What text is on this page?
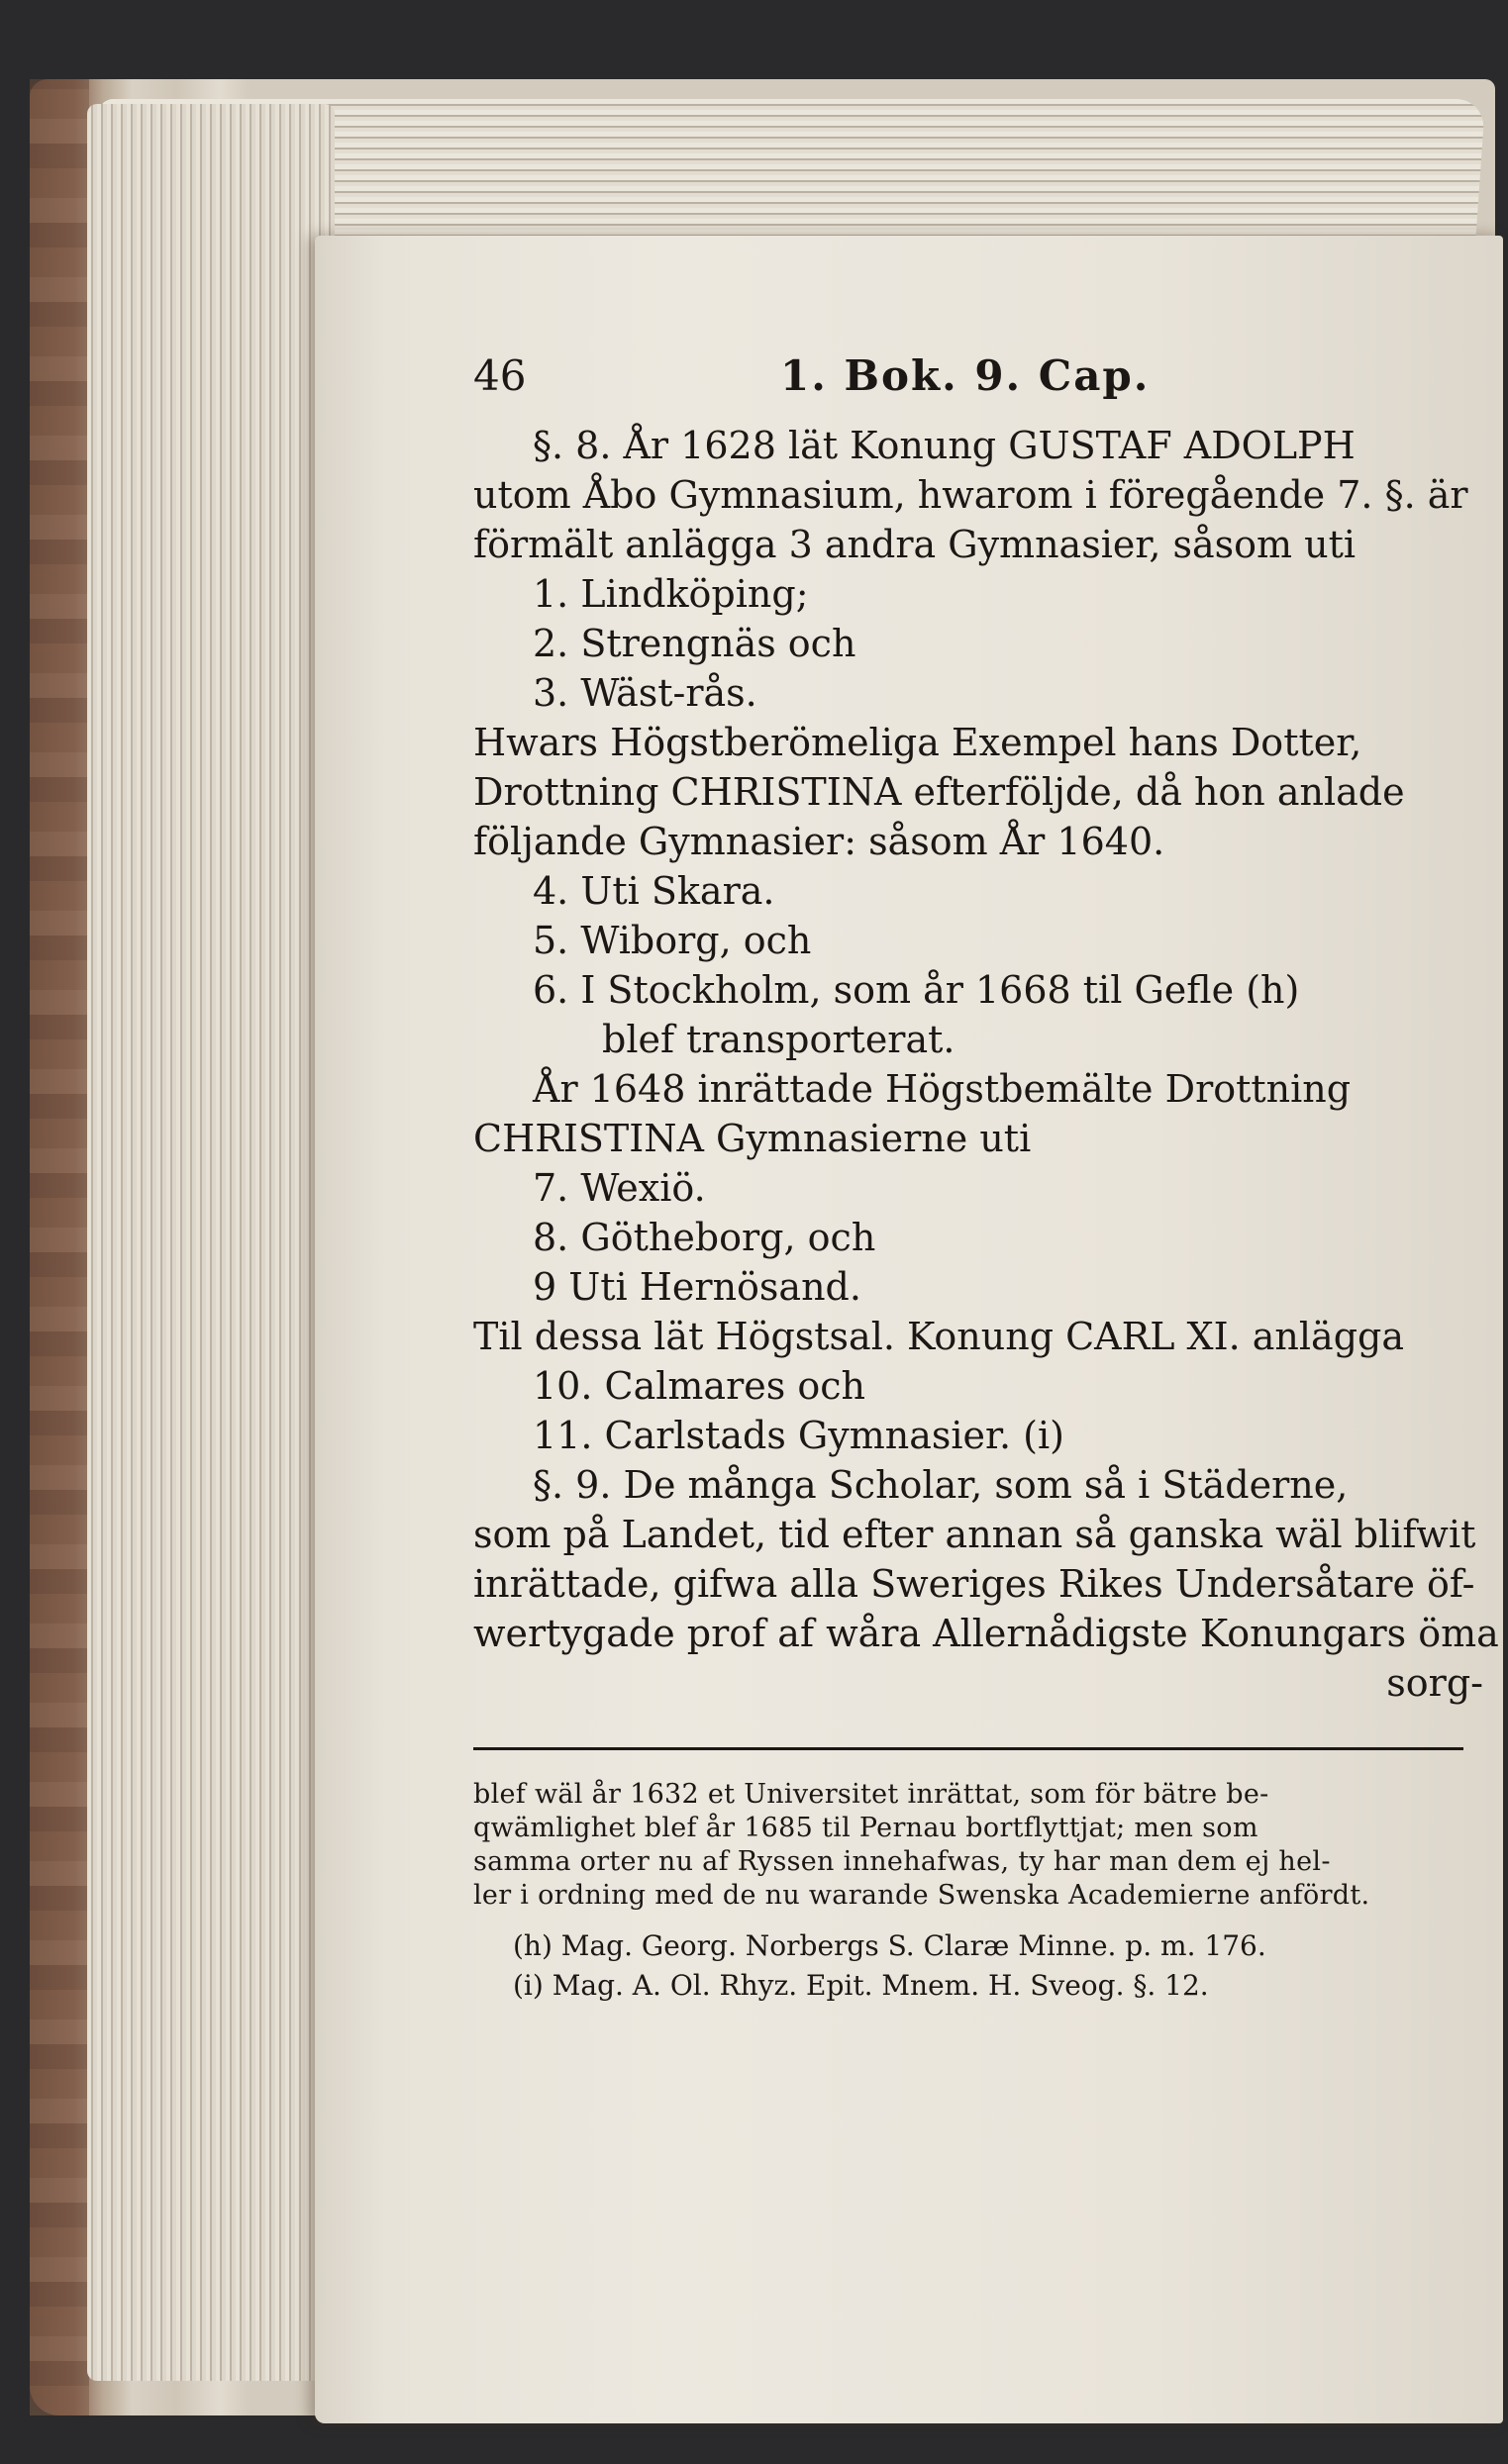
46	1. Bok. 9. Cap.
§. 8. År 1628 lät Konung GUSTAF ADOLPH
utom Åbo Gymnasium, hwarom i föregående 7. §. är
förmält anlägga 3 andra Gymnasier, såsom uti
1. Lindköping;
2. Strengnäs och
3. Wäst-rås.
Hwars Högstberömeliga Exempel hans Dotter,
Drottning CHRISTINA efterföljde, då hon anlade
följande Gymnasier: såsom År 1640.
4. Uti Skara.
5. Wiborg, och
6. I Stockholm, som år 1668 til Gefle (h)
blef transporterat.
År 1648 inrättade Högstbemälte Drottning
CHRISTINA Gymnasierne uti
7. Wexiö.
8. Götheborg, och
9 Uti Hernösand.
Til dessa lät Högstsal. Konung CARL XI. anlägga
10. Calmares och
11. Carlstads Gymnasier. (i)
§. 9. De många Scholar, som så i Städerne,
som på Landet, tid efter annan så ganska wäl blifwit
inrättade, gifwa alla Sweriges Rikes Undersåtare öf-
wertygade prof af wåra Allernådigste Konungars öma
sorg-
blef wäl år 1632 et Universitet inrättat, som för bätre be-
qwämlighet blef år 1685 til Pernau bortflyttjat; men som
samma orter nu af Ryssen innehafwas, ty har man dem ej hel-
ler i ordning med de nu warande Swenska Academierne anfördt.
(h) Mag. Georg. Norbergs S. Claræ Minne. p. m. 176.
(i) Mag. A. Ol. Rhyz. Epit. Mnem. H. Sveog. §. 12.
